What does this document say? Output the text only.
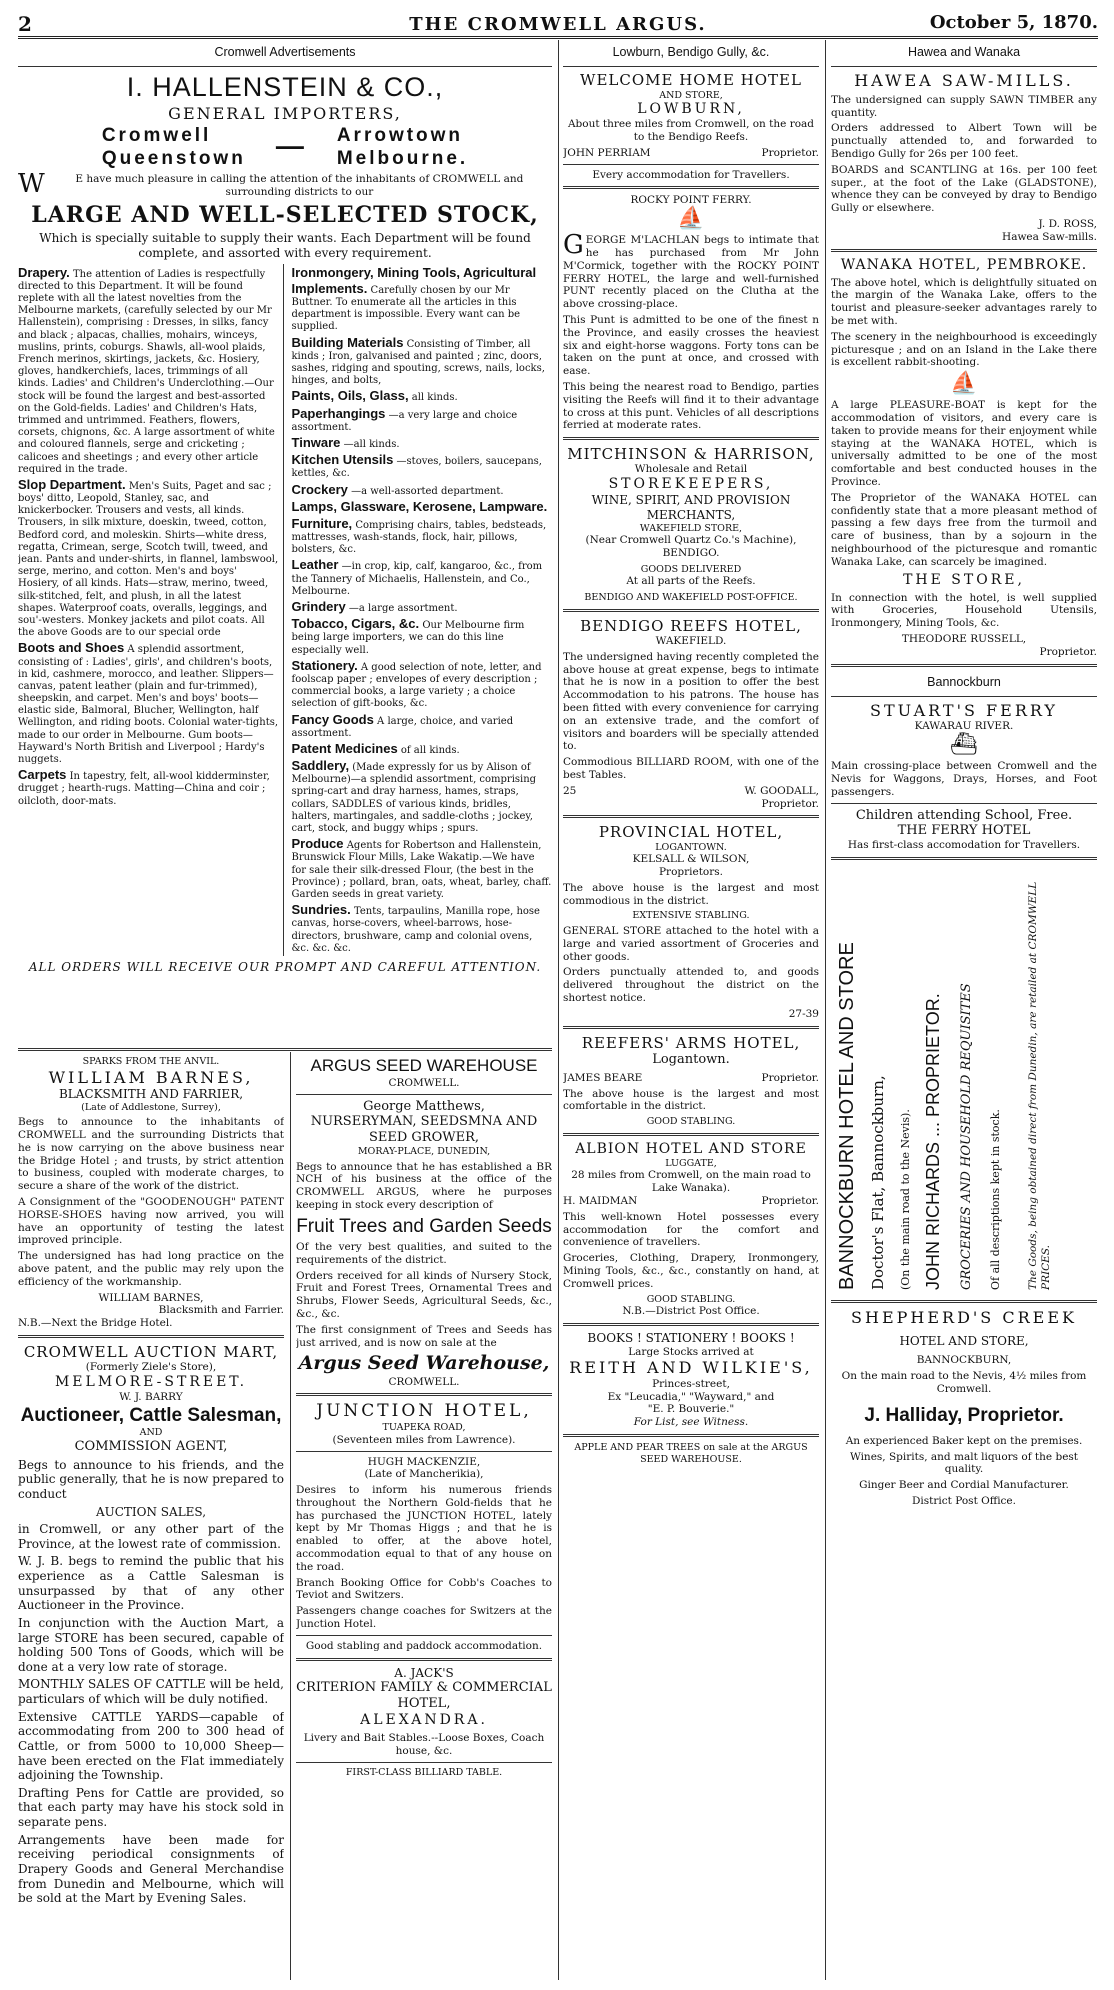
2	THE CROMWELL ARGUS.	October 5, 1870.
Cromwell Advertisements
I. HALLENSTEIN & CO.,
GENERAL IMPORTERS,
Cromwell
Queenstown — Arrowtown
Melbourne.

WE have much pleasure in calling the attention of the inhabitants of CROMWELL and surrounding districts to our

LARGE AND WELL-SELECTED STOCK,

Which is specially suitable to supply their wants. Each Department will be found complete, and assorted with every requirement.

Drapery. The attention of Ladies is respectfully directed to this Department. It will be found replete with all the latest novelties from the Melbourne markets, (carefully selected by our Mr Hallenstein), comprising : Dresses, in silks, fancy and black ; alpacas, challies, mohairs, winceys, muslins, prints, coburgs. Shawls, all-wool plaids, French merinos, skirtings, jackets, &c. Hosiery, gloves, handkerchiefs, laces, trimmings of all kinds. Ladies' and Children's Underclothing.—Our stock will be found the largest and best-assorted on the Gold-fields. Ladies' and Children's Hats, trimmed and untrimmed. Feathers, flowers, corsets, chignons, &c. A large assortment of white and coloured flannels, serge and cricketing ; calicoes and sheetings ; and every other article required in the trade.
Slop Department. Men's Suits, Paget and sac ; boys' ditto, Leopold, Stanley, sac, and knickerbocker. Trousers and vests, all kinds. Trousers, in silk mixture, doeskin, tweed, cotton, Bedford cord, and moleskin. Shirts—white dress, regatta, Crimean, serge, Scotch twill, tweed, and jean. Pants and under-shirts, in flannel, lambswool, serge, merino, and cotton. Men's and boys' Hosiery, of all kinds. Hats—straw, merino, tweed, silk-stitched, felt, and plush, in all the latest shapes. Waterproof coats, overalls, leggings, and sou'-westers. Monkey jackets and pilot coats. All the above Goods are to our special orde
Boots and Shoes A splendid assortment, consisting of : Ladies', girls', and children's boots, in kid, cashmere, morocco, and leather. Slippers—canvas, patent leather (plain and fur-trimmed), sheepskin, and carpet. Men's and boys' boots—elastic side, Balmoral, Blucher, Wellington, half Wellington, and riding boots. Colonial water-tights, made to our order in Melbourne. Gum boots—Hayward's North British and Liverpool ; Hardy's nuggets.
Carpets In tapestry, felt, all-wool kidderminster, drugget ; hearth-rugs. Matting—China and coir ; oilcloth, door-mats.
Ironmongery, Mining Tools, Agricultural Implements. Carefully chosen by our Mr Buttner. To enumerate all the articles in this department is impossible. Every want can be supplied.
Building Materials Consisting of Timber, all kinds ; Iron, galvanised and painted ; zinc, doors, sashes, ridging and spouting, screws, nails, locks, hinges, and bolts,
Paints, Oils, Glass, all kinds.
Paperhangings —a very large and choice assortment.
Tinware —all kinds.
Kitchen Utensils —stoves, boilers, saucepans, kettles, &c.
Crockery —a well-assorted department.
Lamps, Glassware, Kerosene, Lampware.
Furniture, Comprising chairs, tables, bedsteads, mattresses, wash-stands, flock, hair, pillows, bolsters, &c.
Leather —in crop, kip, calf, kangaroo, &c., from the Tannery of Michaelis, Hallenstein, and Co., Melbourne.
Grindery —a large assortment.
Tobacco, Cigars, &c. Our Melbourne firm being large importers, we can do this line especially well.
Stationery. A good selection of note, letter, and foolscap paper ; envelopes of every description ; commercial books, a large variety ; a choice selection of gift-books, &c.
Fancy Goods A large, choice, and varied assortment.
Patent Medicines of all kinds.
Saddlery, (Made expressly for us by Alison of Melbourne)—a splendid assortment, comprising spring-cart and dray harness, hames, straps, collars, SADDLES of various kinds, bridles, halters, martingales, and saddle-cloths ; jockey, cart, stock, and buggy whips ; spurs.
Produce Agents for Robertson and Hallenstein, Brunswick Flour Mills, Lake Wakatip.—We have for sale their silk-dressed Flour, (the best in the Province) ; pollard, bran, oats, wheat, barley, chaff. Garden seeds in great variety.
Sundries. Tents, tarpaulins, Manilla rope, hose canvas, horse-covers, wheel-barrows, hose-directors, brushware, camp and colonial ovens, &c. &c. &c.
ALL ORDERS WILL RECEIVE OUR PROMPT AND CAREFUL ATTENTION.
SPARKS FROM THE ANVIL.
WILLIAM BARNES,
BLACKSMITH AND FARRIER,
(Late of Addlestone, Surrey),

Begs to announce to the inhabitants of CROMWELL and the surrounding Districts that he is now carrying on the above business near the Bridge Hotel ; and trusts, by strict attention to business, coupled with moderate charges, to secure a share of the work of the district.

A Consignment of the "GOODENOUGH" PATENT HORSE-SHOES having now arrived, you will have an opportunity of testing the latest improved principle.

The undersigned has had long practice on the above patent, and the public may rely upon the efficiency of the workmanship.

WILLIAM BARNES,
Blacksmith and Farrier.
N.B.—Next the Bridge Hotel.
CROMWELL AUCTION MART,
(Formerly Ziele's Store),
MELMORE-STREET.
W. J. BARRY
Auctioneer, Cattle Salesman,
AND
COMMISSION AGENT,

Begs to announce to his friends, and the public generally, that he is now prepared to conduct

AUCTION SALES,

in Cromwell, or any other part of the Province, at the lowest rate of commission.

W. J. B. begs to remind the public that his experience as a Cattle Salesman is unsurpassed by that of any other Auctioneer in the Province.

In conjunction with the Auction Mart, a large STORE has been secured, capable of holding 500 Tons of Goods, which will be done at a very low rate of storage.

MONTHLY SALES OF CATTLE will be held, particulars of which will be duly notified.

Extensive CATTLE YARDS—capable of accommodating from 200 to 300 head of Cattle, or from 5000 to 10,000 Sheep—have been erected on the Flat immediately adjoining the Township.

Drafting Pens for Cattle are provided, so that each party may have his stock sold in separate pens.

Arrangements have been made for receiving periodical consignments of Drapery Goods and General Merchandise from Dunedin and Melbourne, which will be sold at the Mart by Evening Sales.

ARGUS SEED WAREHOUSE
CROMWELL.
George Matthews,
NURSERYMAN, SEEDSMNA AND SEED GROWER,
MORAY-PLACE, DUNEDIN,

Begs to announce that he has established a BR NCH of his business at the office of the CROMWELL ARGUS, where he purposes keeping in stock every description of

Fruit Trees and Garden Seeds

Of the very best qualities, and suited to the requirements of the district.

Orders received for all kinds of Nursery Stock, Fruit and Forest Trees, Ornamental Trees and Shrubs, Flower Seeds, Agricultural Seeds, &c., &c., &c.

The first consignment of Trees and Seeds has just arrived, and is now on sale at the

Argus Seed Warehouse,
CROMWELL.
JUNCTION HOTEL,
TUAPEKA ROAD,
(Seventeen miles from Lawrence).
HUGH MACKENZIE,
(Late of Mancherikia),

Desires to inform his numerous friends throughout the Northern Gold-fields that he has purchased the JUNCTION HOTEL, lately kept by Mr Thomas Higgs ; and that he is enabled to offer, at the above hotel, accommodation equal to that of any house on the road.

Branch Booking Office for Cobb's Coaches to Teviot and Switzers.

Passengers change coaches for Switzers at the Junction Hotel.

Good stabling and paddock accommodation.
A. JACK'S
CRITERION FAMILY & COMMERCIAL HOTEL,
ALEXANDRA.

Livery and Bait Stables.--Loose Boxes, Coach house, &c.

FIRST-CLASS BILLIARD TABLE.
Lowburn, Bendigo Gully, &c.
WELCOME HOME HOTEL
AND STORE,
LOWBURN,
About three miles from Cromwell, on the road to the Bendigo Reefs.
JOHN PERRIAM	Proprietor.
Every accommodation for Travellers.
ROCKY POINT FERRY.
⛵

GEORGE M'LACHLAN begs to intimate that he has purchased from Mr John M'Cormick, together with the ROCKY POINT FERRY HOTEL, the large and well-furnished PUNT recently placed on the Clutha at the above crossing-place.

This Punt is admitted to be one of the finest n the Province, and easily crosses the heaviest six and eight-horse waggons. Forty tons can be taken on the punt at once, and crossed with ease.

This being the nearest road to Bendigo, parties visiting the Reefs will find it to their advantage to cross at this punt. Vehicles of all descriptions ferried at moderate rates.

MITCHINSON & HARRISON,
Wholesale and Retail
STOREKEEPERS,
WINE, SPIRIT, AND PROVISION MERCHANTS,
WAKEFIELD STORE,
(Near Cromwell Quartz Co.'s Machine),
BENDIGO.
GOODS DELIVERED
At all parts of the Reefs.
BENDIGO AND WAKEFIELD POST-OFFICE.
BENDIGO REEFS HOTEL,
WAKEFIELD.

The undersigned having recently completed the above house at great expense, begs to intimate that he is now in a position to offer the best Accommodation to his patrons. The house has been fitted with every convenience for carrying on an extensive trade, and the comfort of visitors and boarders will be specially attended to.

Commodious BILLIARD ROOM, with one of the best Tables.

25	W. GOODALL,
Proprietor.
PROVINCIAL HOTEL,
LOGANTOWN.
KELSALL & WILSON,
Proprietors.

The above house is the largest and most commodious in the district.

EXTENSIVE STABLING.

GENERAL STORE attached to the hotel with a large and varied assortment of Groceries and other goods.

Orders punctually attended to, and goods delivered throughout the district on the shortest notice.

27-39
REEFERS' ARMS HOTEL,
Logantown.
JAMES BEARE	Proprietor.

The above house is the largest and most comfortable in the district.

GOOD STABLING.
ALBION HOTEL AND STORE
LUGGATE,
28 miles from Cromwell, on the main road to Lake Wanaka).
H. MAIDMAN	Proprietor.

This well-known Hotel possesses every accommodation for the comfort and convenience of travellers.

Groceries, Clothing, Drapery, Ironmongery, Mining Tools, &c., &c., constantly on hand, at Cromwell prices.

GOOD STABLING.
N.B.—District Post Office.
BOOKS ! STATIONERY ! BOOKS !
Large Stocks arrived at
REITH AND WILKIE'S,
Princes-street,
Ex "Leucadia," "Wayward," and
"E. P. Bouverie."
For List, see Witness.
APPLE AND PEAR TREES on sale at the ARGUS SEED WAREHOUSE.
Hawea and Wanaka
HAWEA SAW-MILLS.

The undersigned can supply SAWN TIMBER any quantity.

Orders addressed to Albert Town will be punctually attended to, and forwarded to Bendigo Gully for 26s per 100 feet.

BOARDS and SCANTLING at 16s. per 100 feet super., at the foot of the Lake (GLADSTONE), whence they can be conveyed by dray to Bendigo Gully or elsewhere.

J. D. ROSS,
Hawea Saw-mills.
WANAKA HOTEL, PEMBROKE.

The above hotel, which is delightfully situated on the margin of the Wanaka Lake, offers to the tourist and pleasure-seeker advantages rarely to be met with.

The scenery in the neighbourhood is exceedingly picturesque ; and on an Island in the Lake there is excellent rabbit-shooting.

⛵

A large PLEASURE-BOAT is kept for the accommodation of visitors, and every care is taken to provide means for their enjoyment while staying at the WANAKA HOTEL, which is universally admitted to be one of the most comfortable and best conducted houses in the Province.

The Proprietor of the WANAKA HOTEL can confidently state that a more pleasant method of passing a few days free from the turmoil and care of business, than by a sojourn in the neighbourhood of the picturesque and romantic Wanaka Lake, can scarcely be imagined.

THE STORE,

In connection with the hotel, is well supplied with Groceries, Household Utensils, Ironmongery, Mining Tools, &c.

THEODORE RUSSELL,
Proprietor.
Bannockburn
STUART'S FERRY
KAWARAU RIVER.
⛴

Main crossing-place between Cromwell and the Nevis for Waggons, Drays, Horses, and Foot passengers.

Children attending School, Free.
THE FERRY HOTEL
Has first-class accomodation for Travellers.
BANNOCKBURN HOTEL AND STORE Doctor's Flat, Bannockburn, (On the main road to the Nevis). JOHN RICHARDS ... PROPRIETOR. GROCERIES AND HOUSEHOLD REQUISITES Of all descriptions kept in stock. The Goods, being obtained direct from Dunedin, are retailed at CROMWELL PRICES.
SHEPHERD'S CREEK
HOTEL AND STORE,
BANNOCKBURN,

On the main road to the Nevis, 4½ miles from Cromwell.

J. Halliday, Proprietor.

An experienced Baker kept on the premises.

Wines, Spirits, and malt liquors of the best quality.

Ginger Beer and Cordial Manufacturer.

District Post Office.
